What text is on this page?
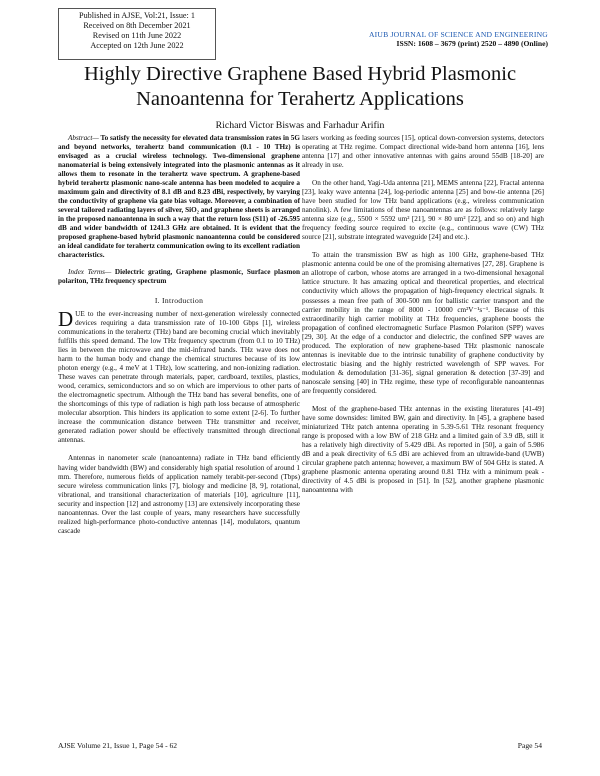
Published in AJSE, Vol:21, Issue: 1
Received on 8th December 2021
Revised on 11th June 2022
Accepted on 12th June 2022
AIUB JOURNAL OF SCIENCE AND ENGINEERING
ISSN: 1608 – 3679 (print) 2520 – 4890 (Online)
Highly Directive Graphene Based Hybrid Plasmonic Nanoantenna for Terahertz Applications
Richard Victor Biswas and Farhadur Arifin

Abstract— To satisfy the necessity for elevated data transmission rates in 5G and beyond networks, terahertz band communication (0.1 - 10 THz) is envisaged as a crucial wireless technology. Two-dimensional graphene nanomaterial is being extensively integrated into the plasmonic antennas as it allows them to resonate in the terahertz wave spectrum. A graphene-based hybrid terahertz plasmonic nano-scale antenna has been modeled to acquire a maximum gain and directivity of 8.1 dB and 8.23 dBi, respectively, by varying the conductivity of graphene via gate bias voltage. Moreover, a combination of several tailored radiating layers of silver, SiO₂ and graphene sheets is arranged in the proposed nanoantenna in such a way that the return loss (S11) of -26.595 dB and wider bandwidth of 1241.3 GHz are obtained. It is evident that the proposed graphene-based hybrid plasmonic nanoantenna could be considered an ideal candidate for terahertz communication owing to its excellent radiation characteristics.

Index Terms— Dielectric grating, Graphene plasmonic, Surface plasmon polariton, THz frequency spectrum

I. Introduction

DUE to the ever-increasing number of next-generation wirelessly connected devices requiring a data transmission rate of 10-100 Gbps [1], wireless communications in the terahertz (THz) band are becoming crucial which inevitably fulfills this speed demand. The low THz frequency spectrum (from 0.1 to 10 THz) lies in between the microwave and the mid-infrared bands. THz wave does not harm to the human body and change the chemical structures because of its low photon energy (e.g., 4 meV at 1 THz), low scattering, and non-ionizing radiation. These waves can penetrate through materials, paper, cardboard, textiles, plastics, wood, ceramics, semiconductors and so on which are impervious to other parts of the electromagnetic spectrum. Although the THz band has several benefits, one of the shortcomings of this type of radiation is high path loss because of atmospheric molecular absorption. This hinders its application to some extent [2-6]. To further increase the communication distance between THz transmitter and receiver, generated radiation power should be effectively transmitted through directional antennas.

Antennas in nanometer scale (nanoantenna) radiate in THz band efficiently having wider bandwidth (BW) and considerably high spatial resolution of around 1 mm. Therefore, numerous fields of application namely terabit-per-second (Tbps) secure wireless communication links [7], biology and medicine [8, 9], rotational, vibrational, and transitional characterization of materials [10], agriculture [11], security and inspection [12] and astronomy [13] are extensively incorporating these nanoantennas. Over the last couple of years, many researchers have successfully realized high-performance photo-conductive antennas [14], modulators, quantum cascade

lasers working as feeding sources [15], optical down-conversion systems, detectors operating at THz regime. Compact directional wide-band horn antenna [16], lens antenna [17] and other innovative antennas with gains around 55dB [18-20] are already in use.

On the other hand, Yagi-Uda antenna [21], MEMS antenna [22], Fractal antenna [23], leaky wave antenna [24], log-periodic antenna [25] and bow-tie antenna [26] have been studied for low THz band applications (e.g., wireless communication nanolink). A few limitations of these nanoantennas are as follows: relatively large antenna size (e.g., 5500 × 5592 um² [21], 90 × 80 um² [22], and so on) and high frequency feeding source required to excite (e.g., continuous wave (CW) THz source [21], substrate integrated waveguide [24] and etc.).

To attain the transmission BW as high as 100 GHz, graphene-based THz plasmonic antenna could be one of the promising alternatives [27, 28]. Graphene is an allotrope of carbon, whose atoms are arranged in a two-dimensional hexagonal lattice structure. It has amazing optical and theoretical properties, and electrical conductivity which allows the propagation of high-frequency electrical signals. It possesses a mean free path of 300-500 nm for ballistic carrier transport and the carrier mobility in the range of 8000 - 10000 cm²V⁻¹s⁻¹. Because of this extraordinarily high carrier mobility at THz frequencies, graphene boosts the propagation of confined electromagnetic Surface Plasmon Polariton (SPP) waves [29, 30]. At the edge of a conductor and dielectric, the confined SPP waves are produced. The exploration of new graphene-based THz plasmonic nanoscale antennas is inevitable due to the intrinsic tunability of graphene conductivity by electrostatic biasing and the highly restricted wavelength of SPP waves. For modulation & demodulation [31-36], signal generation & detection [37-39] and nanoscale sensing [40] in THz regime, these type of reconfigurable nanoantennas are frequently considered.

Most of the graphene-based THz antennas in the existing literatures [41-49] have some downsides: limited BW, gain and directivity. In [45], a graphene based miniaturized THz patch antenna operating in 5.39-5.61 THz resonant frequency range is proposed with a low BW of 218 GHz and a limited gain of 3.9 dB, still it has a relatively high directivity of 5.429 dBi. As reported in [50], a gain of 5.986 dB and a peak directivity of 6.5 dBi are achieved from an ultrawide-band (UWB) circular graphene patch antenna; however, a maximum BW of 504 GHz is stated. A graphene plasmonic antenna operating around 0.81 THz with a minimum peak -directivity of 4.5 dBi is proposed in [51]. In [52], another graphene plasmonic nanoantenna with

AJSE Volume 21, Issue 1, Page 54 - 62	Page 54
